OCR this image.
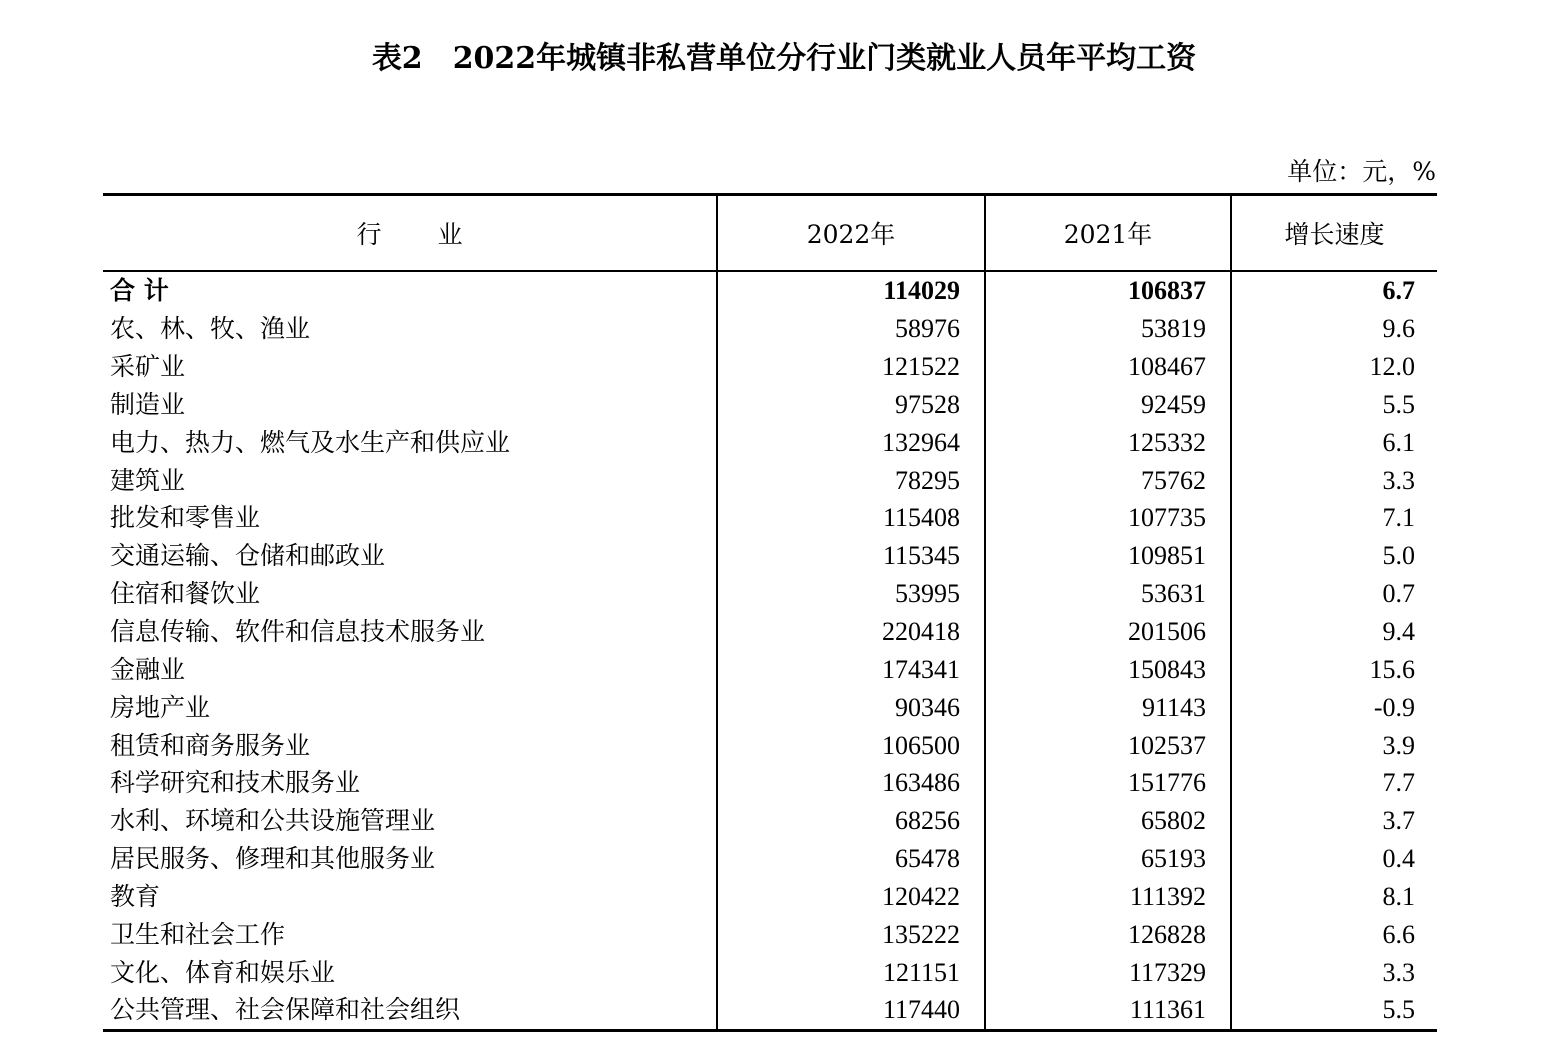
表2 2022年城镇非私营单位分行业门类就业人员年平均工资
单位：元，%
行业	2022年	2021年	增长速度
合 计	114029	106837	6.7
农、林、牧、渔业	58976	53819	9.6
采矿业	121522	108467	12.0
制造业	97528	92459	5.5
电力、热力、燃气及水生产和供应业	132964	125332	6.1
建筑业	78295	75762	3.3
批发和零售业	115408	107735	7.1
交通运输、仓储和邮政业	115345	109851	5.0
住宿和餐饮业	53995	53631	0.7
信息传输、软件和信息技术服务业	220418	201506	9.4
金融业	174341	150843	15.6
房地产业	90346	91143	-0.9
租赁和商务服务业	106500	102537	3.9
科学研究和技术服务业	163486	151776	7.7
水利、环境和公共设施管理业	68256	65802	3.7
居民服务、修理和其他服务业	65478	65193	0.4
教育	120422	111392	8.1
卫生和社会工作	135222	126828	6.6
文化、体育和娱乐业	121151	117329	3.3
公共管理、社会保障和社会组织	117440	111361	5.5
